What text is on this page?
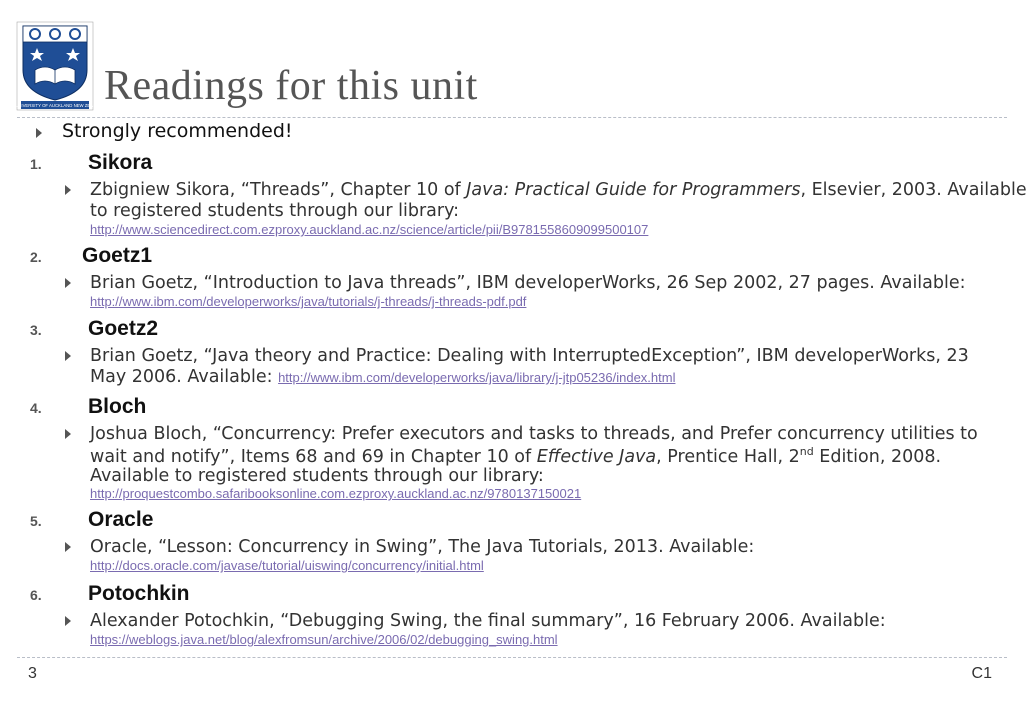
THE UNIVERSITY OF AUCKLAND NEW ZEALAND Readings for this unit
Strongly recommended!
1. Sikora
Zbigniew Sikora, “Threads”, Chapter 10 of Java: Practical Guide for Programmers, Elsevier, 2003. Available
to registered students through our library:
http://www.sciencedirect.com.ezproxy.auckland.ac.nz/science/article/pii/B9781558609099500107
2. Goetz1
Brian Goetz, “Introduction to Java threads”, IBM developerWorks, 26 Sep 2002, 27 pages. Available:
http://www.ibm.com/developerworks/java/tutorials/j-threads/j-threads-pdf.pdf
3. Goetz2
Brian Goetz, “Java theory and Practice: Dealing with InterruptedException”, IBM developerWorks, 23
May 2006. Available: http://www.ibm.com/developerworks/java/library/j-jtp05236/index.html
4. Bloch
Joshua Bloch, “Concurrency: Prefer executors and tasks to threads, and Prefer concurrency utilities to
wait and notify”, Items 68 and 69 in Chapter 10 of Effective Java, Prentice Hall, 2nd Edition, 2008.
Available to registered students through our library:
http://proquestcombo.safaribooksonline.com.ezproxy.auckland.ac.nz/9780137150021
5. Oracle
Oracle, “Lesson: Concurrency in Swing”, The Java Tutorials, 2013. Available:
http://docs.oracle.com/javase/tutorial/uiswing/concurrency/initial.html
6. Potochkin
Alexander Potochkin, “Debugging Swing, the final summary”, 16 February 2006. Available:
https://weblogs.java.net/blog/alexfromsun/archive/2006/02/debugging_swing.html
3	C1
